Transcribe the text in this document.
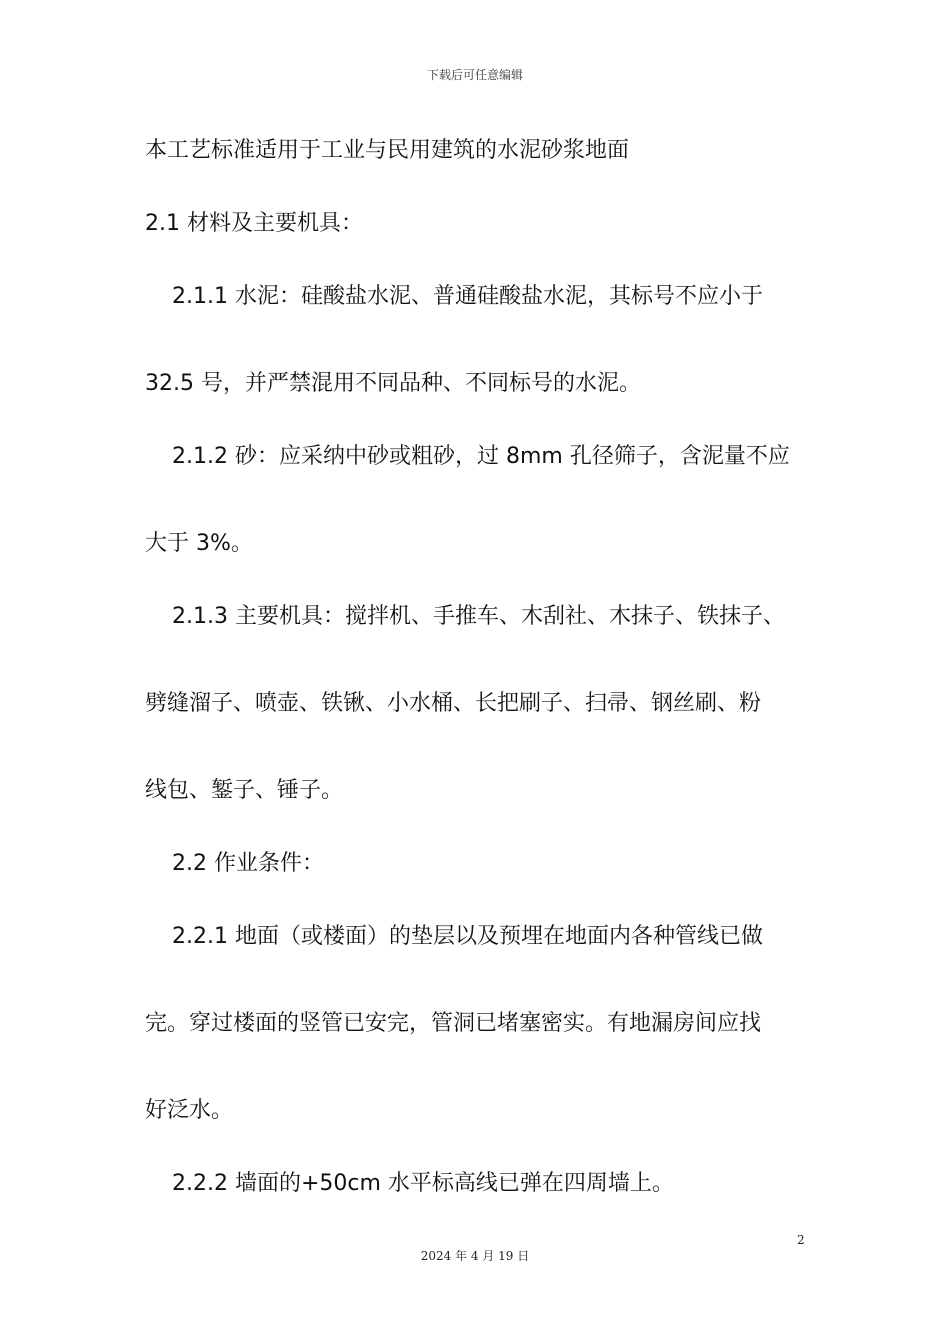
下载后可任意编辑
本工艺标准适用于工业与民用建筑的水泥砂浆地面
2.1 材料及主要机具：
2.1.1 水泥：硅酸盐水泥、普通硅酸盐水泥，其标号不应小于
32.5 号，并严禁混用不同品种、不同标号的水泥。
2.1.2 砂：应采纳中砂或粗砂，过 8mm 孔径筛子，含泥量不应
大于 3%。
2.1.3 主要机具：搅拌机、手推车、木刮社、木抹子、铁抹子、
劈缝溜子、喷壶、铁锹、小水桶、长把刷子、扫帚、钢丝刷、粉
线包、錾子、锤子。
2.2 作业条件：
2.2.1 地面（或楼面）的垫层以及预埋在地面内各种管线已做
完。穿过楼面的竖管已安完，管洞已堵塞密实。有地漏房间应找
好泛水。
2.2.2 墙面的+50cm 水平标高线已弹在四周墙上。
2
2024 年 4 月 19 日
